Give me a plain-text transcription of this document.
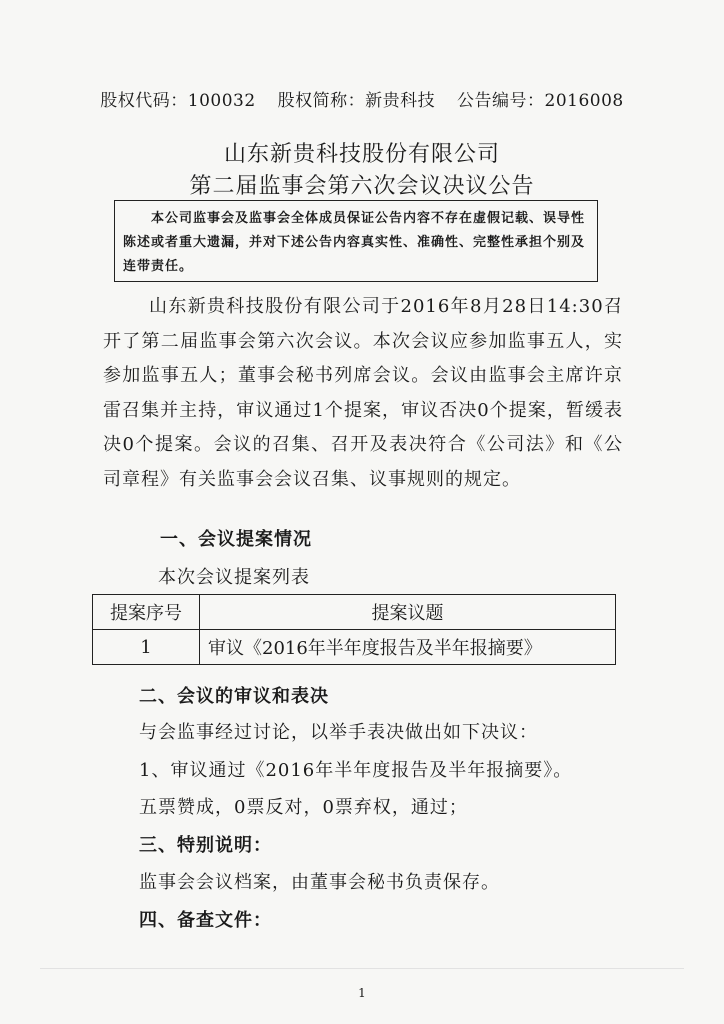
股权代码：100032 股权简称：新贵科技 公告编号：2016008
山东新贵科技股份有限公司
第二届监事会第六次会议决议公告
本公司监事会及监事会全体成员保证公告内容不存在虚假记载、误导性陈述或者重大遗漏，并对下述公告内容真实性、准确性、完整性承担个别及连带责任。
山东新贵科技股份有限公司于2016年8月28日14:30召开了第二届监事会第六次会议。本次会议应参加监事五人，实参加监事五人；董事会秘书列席会议。会议由监事会主席许京雷召集并主持，审议通过1个提案，审议否决0个提案，暂缓表决0个提案。会议的召集、召开及表决符合《公司法》和《公司章程》有关监事会会议召集、议事规则的规定。
一、会议提案情况
本次会议提案列表
提案序号	提案议题
1	审议《2016年半年度报告及半年报摘要》
二、会议的审议和表决
与会监事经过讨论，以举手表决做出如下决议：
1、审议通过《2016年半年度报告及半年报摘要》。
五票赞成，0票反对，0票弃权，通过；
三、特别说明：
监事会会议档案，由董事会秘书负责保存。
四、备查文件：
1
